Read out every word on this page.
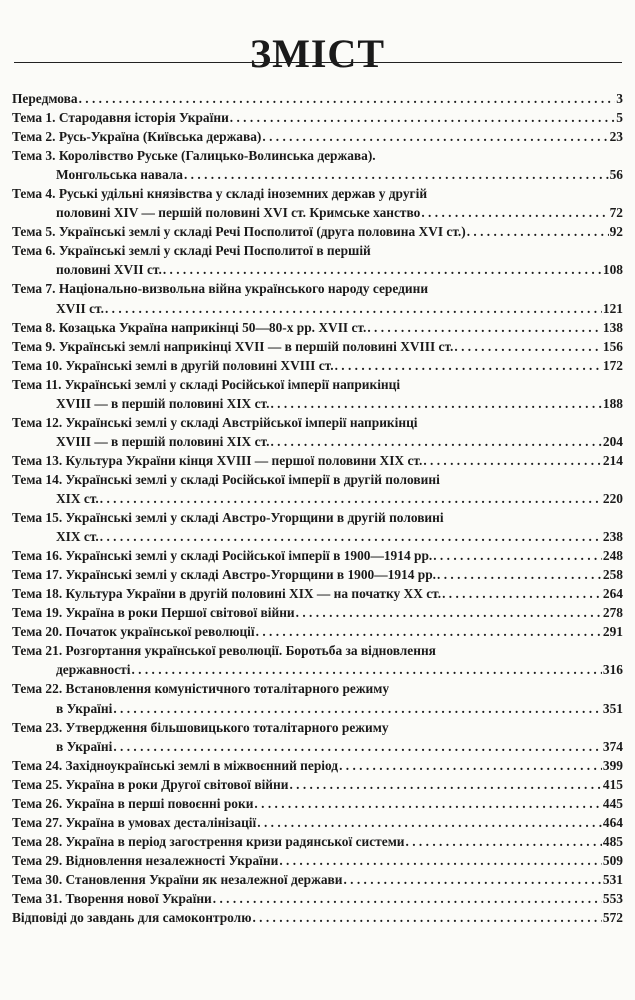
ЗМІСТ
Передмова . . .	3
Тема 1. Стародавня історія України . . .	5
Тема 2. Русь-Україна (Київська держава) . . .	23
Тема 3. Королівство Руське (Галицько-Волинська держава).
Монгольська навала . . .	56
Тема 4. Руські удільні князівства у складі іноземних держав у другій
половині XIV — першій половині XVI ст. Кримське ханство . . .	72
Тема 5. Українські землі у складі Речі Посполитої (друга половина XVI ст.) . . .	92
Тема 6. Українські землі у складі Речі Посполитої в першій
половині XVII ст. . . .	108
Тема 7. Національно-визвольна війна українського народу середини
XVII ст. . . .	121
Тема 8. Козацька Україна наприкінці 50—80-х рр. XVII ст. . . .	138
Тема 9. Українські землі наприкінці XVII — в першій половині XVIII ст. . . .	156
Тема 10. Українські землі в другій половині XVIII ст. . . .	172
Тема 11. Українські землі у складі Російської імперії наприкінці
XVIII — в першій половині XIX ст. . . .	188
Тема 12. Українські землі у складі Австрійської імперії наприкінці
XVIII — в першій половині XIX ст. . . .	204
Тема 13. Культура України кінця XVIII — першої половини XIX ст. . . .	214
Тема 14. Українські землі у складі Російської імперії в другій половині
XIX ст. . . .	220
Тема 15. Українські землі у складі Австро-Угорщини в другій половині
XIX ст. . . .	238
Тема 16. Українські землі у складі Російської імперії в 1900—1914 рр. . . .	248
Тема 17. Українські землі у складі Австро-Угорщини в 1900—1914 рр. . . .	258
Тема 18. Культура України в другій половині XIX — на початку XX ст. . . .	264
Тема 19. Україна в роки Першої світової війни . . .	278
Тема 20. Початок української революції . . .	291
Тема 21. Розгортання української революції. Боротьба за відновлення
державності . . .	316
Тема 22. Встановлення комуністичного тоталітарного режиму
в Україні . . .	351
Тема 23. Утвердження більшовицького тоталітарного режиму
в Україні . . .	374
Тема 24. Західноукраїнські землі в міжвоєнний період . . .	399
Тема 25. Україна в роки Другої світової війни . . .	415
Тема 26. Україна в перші повоєнні роки . . .	445
Тема 27. Україна в умовах десталінізації . . .	464
Тема 28. Україна в період загострення кризи радянської системи . . .	485
Тема 29. Відновлення незалежності України . . .	509
Тема 30. Становлення України як незалежної держави . . .	531
Тема 31. Творення нової України . . .	553
Відповіді до завдань для самоконтролю . . .	572
